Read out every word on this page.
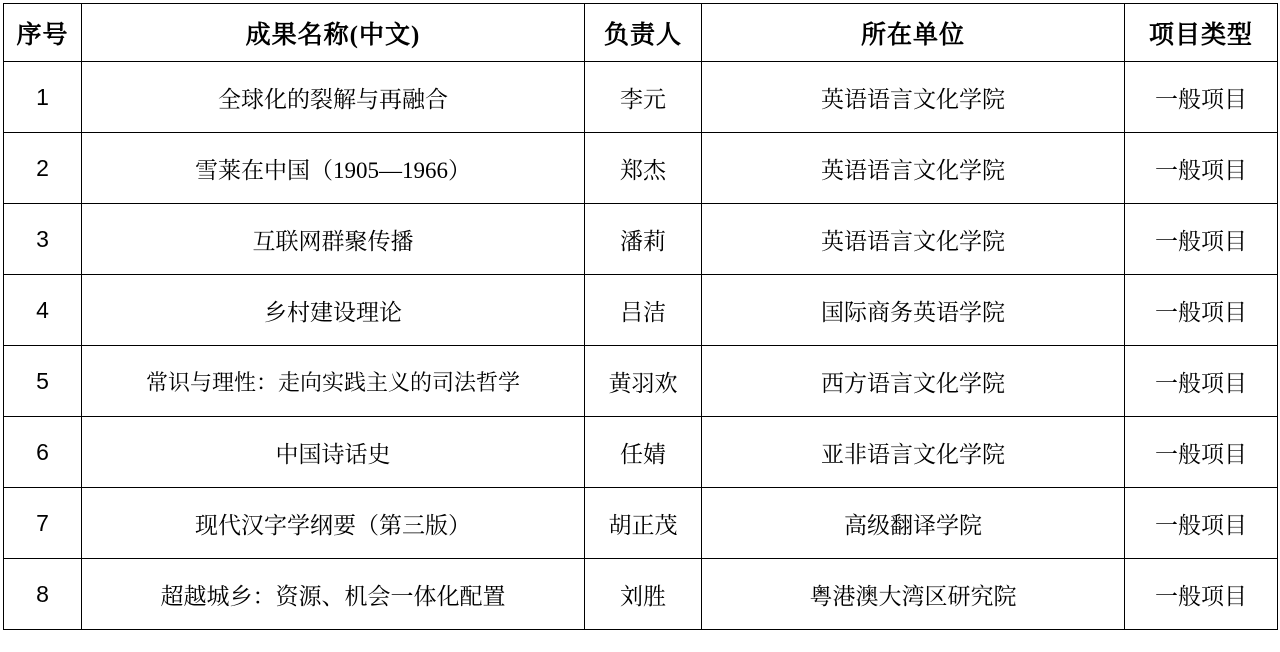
序号	成果名称(中文)	负责人	所在单位	项目类型
1	全球化的裂解与再融合	李元	英语语言文化学院	一般项目
2	雪莱在中国（1905—1966）	郑杰	英语语言文化学院	一般项目
3	互联网群聚传播	潘莉	英语语言文化学院	一般项目
4	乡村建设理论	吕洁	国际商务英语学院	一般项目
5	常识与理性：走向实践主义的司法哲学	黄羽欢	西方语言文化学院	一般项目
6	中国诗话史	任婧	亚非语言文化学院	一般项目
7	现代汉字学纲要（第三版）	胡正茂	高级翻译学院	一般项目
8	超越城乡：资源、机会一体化配置	刘胜	粤港澳大湾区研究院	一般项目
